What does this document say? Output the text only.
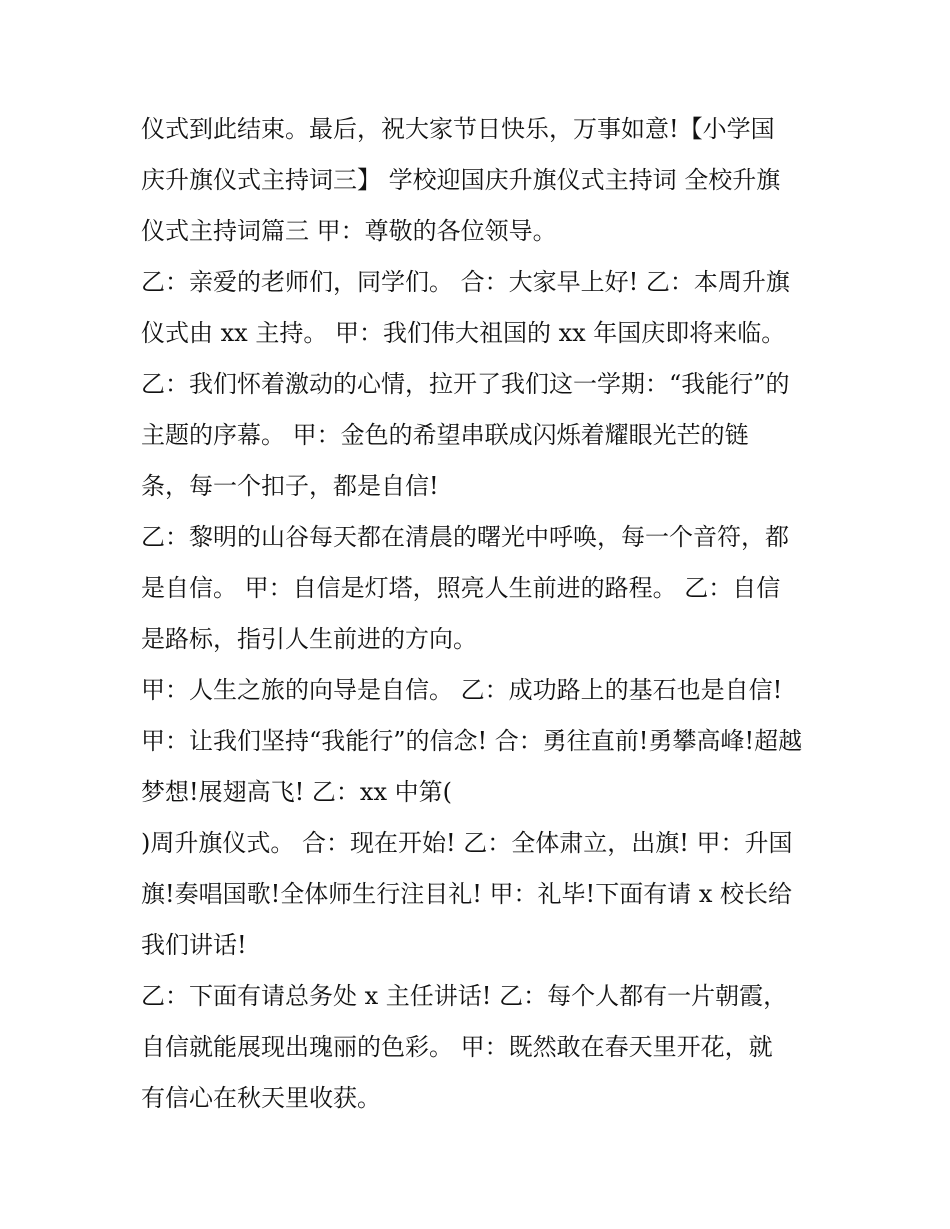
仪式到此结束。最后，祝大家节日快乐，万事如意!【小学国
庆升旗仪式主持词三】 学校迎国庆升旗仪式主持词 全校升旗
仪式主持词篇三 甲：尊敬的各位领导。
乙：亲爱的老师们，同学们。 合：大家早上好! 乙：本周升旗
仪式由 xx 主持。 甲：我们伟大祖国的 xx 年国庆即将来临。
乙：我们怀着激动的心情，拉开了我们这一学期：“我能行”的
主题的序幕。 甲：金色的希望串联成闪烁着耀眼光芒的链
条，每一个扣子，都是自信!
乙：黎明的山谷每天都在清晨的曙光中呼唤，每一个音符，都
是自信。 甲：自信是灯塔，照亮人生前进的路程。 乙：自信
是路标，指引人生前进的方向。
甲：人生之旅的向导是自信。 乙：成功路上的基石也是自信!
甲：让我们坚持“我能行”的信念! 合：勇往直前!勇攀高峰!超越
梦想!展翅高飞! 乙：xx 中第(
)周升旗仪式。 合：现在开始! 乙：全体肃立，出旗! 甲：升国
旗!奏唱国歌!全体师生行注目礼! 甲：礼毕!下面有请 x 校长给
我们讲话!
乙：下面有请总务处 x 主任讲话! 乙：每个人都有一片朝霞，
自信就能展现出瑰丽的色彩。 甲：既然敢在春天里开花，就
有信心在秋天里收获。
